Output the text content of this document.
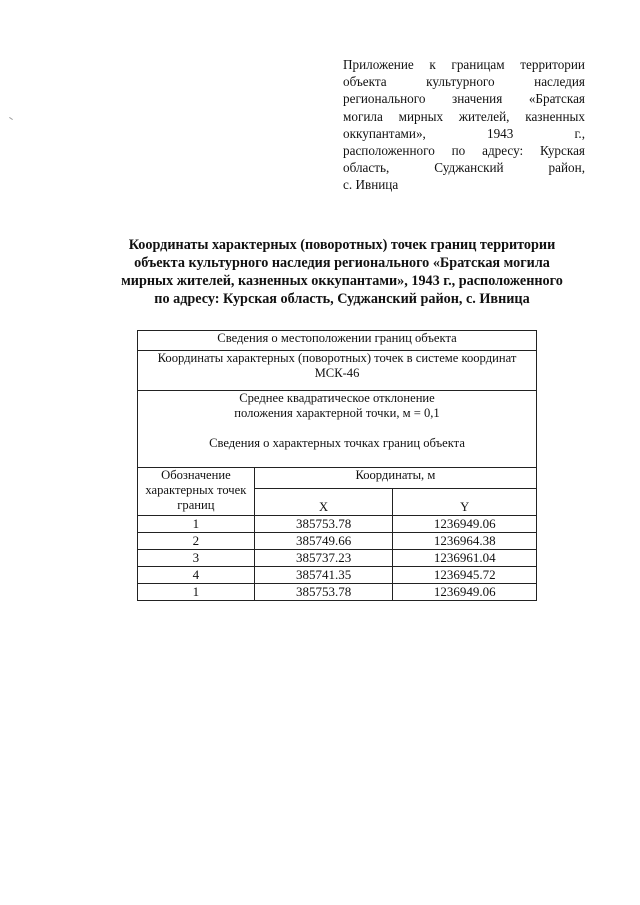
Приложение к границам территории
объекта культурного наследия
регионального значения «Братская
могила мирных жителей, казненных
оккупантами», 1943 г.,
расположенного по адресу: Курская
область, Суджанский район,
с. Ивница
Координаты характерных (поворотных) точек границ территории
объекта культурного наследия регионального «Братская могила
мирных жителей, казненных оккупантами», 1943 г., расположенного
по адресу: Курская область, Суджанский район, с. Ивница
Сведения о местоположении границ объекта		

Координаты характерных (поворотных) точек в системе координат
МСК-46		

Среднее квадратическое отклонение
положения характерной точки, м = 0,1
Сведения о характерных точках границ объекта		

Обозначение
характерных точек
границ	Координаты, м	
	X	Y
1	385753.78	1236949.06
2	385749.66	1236964.38
3	385737.23	1236961.04
4	385741.35	1236945.72
1	385753.78	1236949.06
